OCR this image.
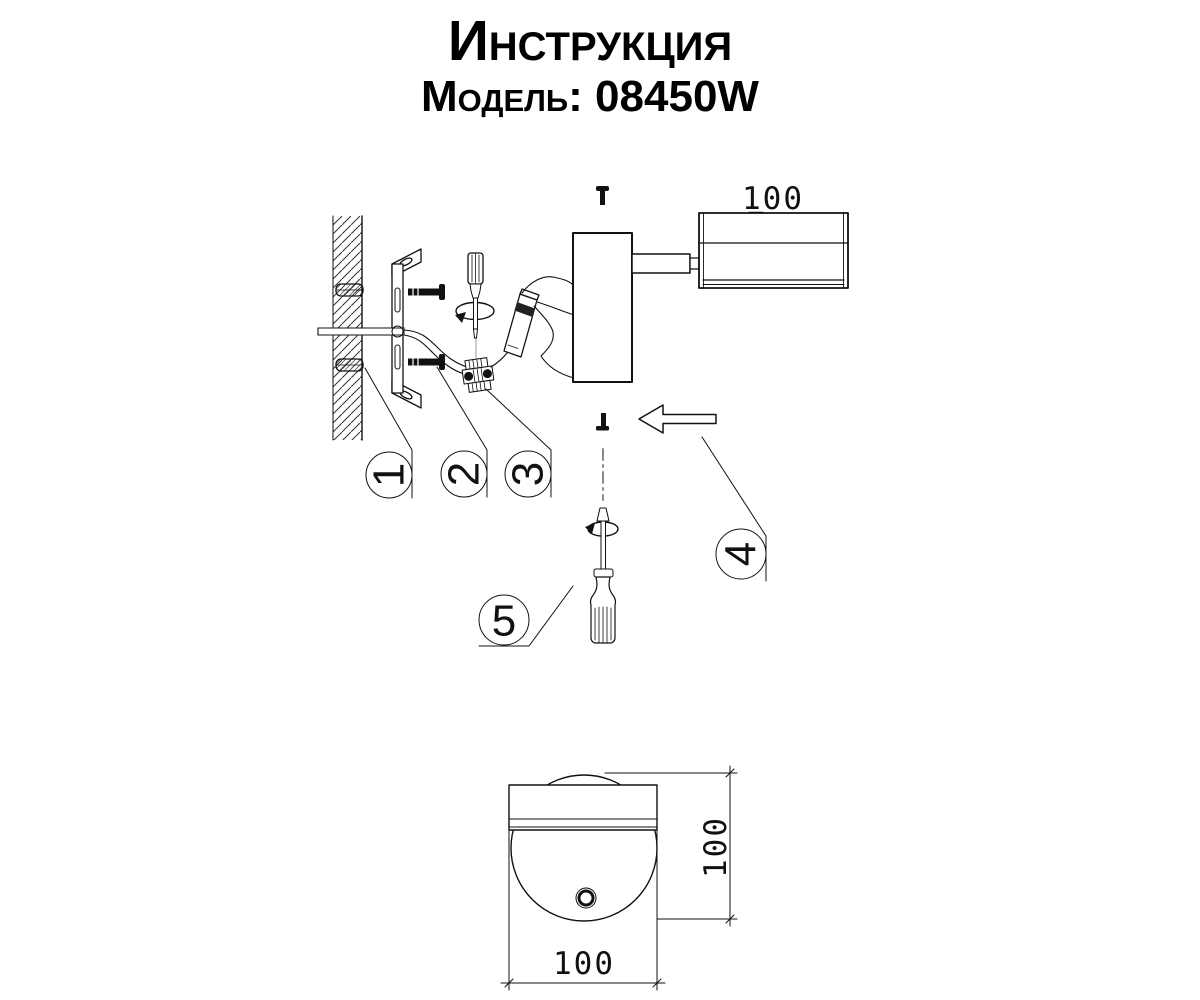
Инструкция
Модель: 08450W
100
1 2 3
4
5
100
100
